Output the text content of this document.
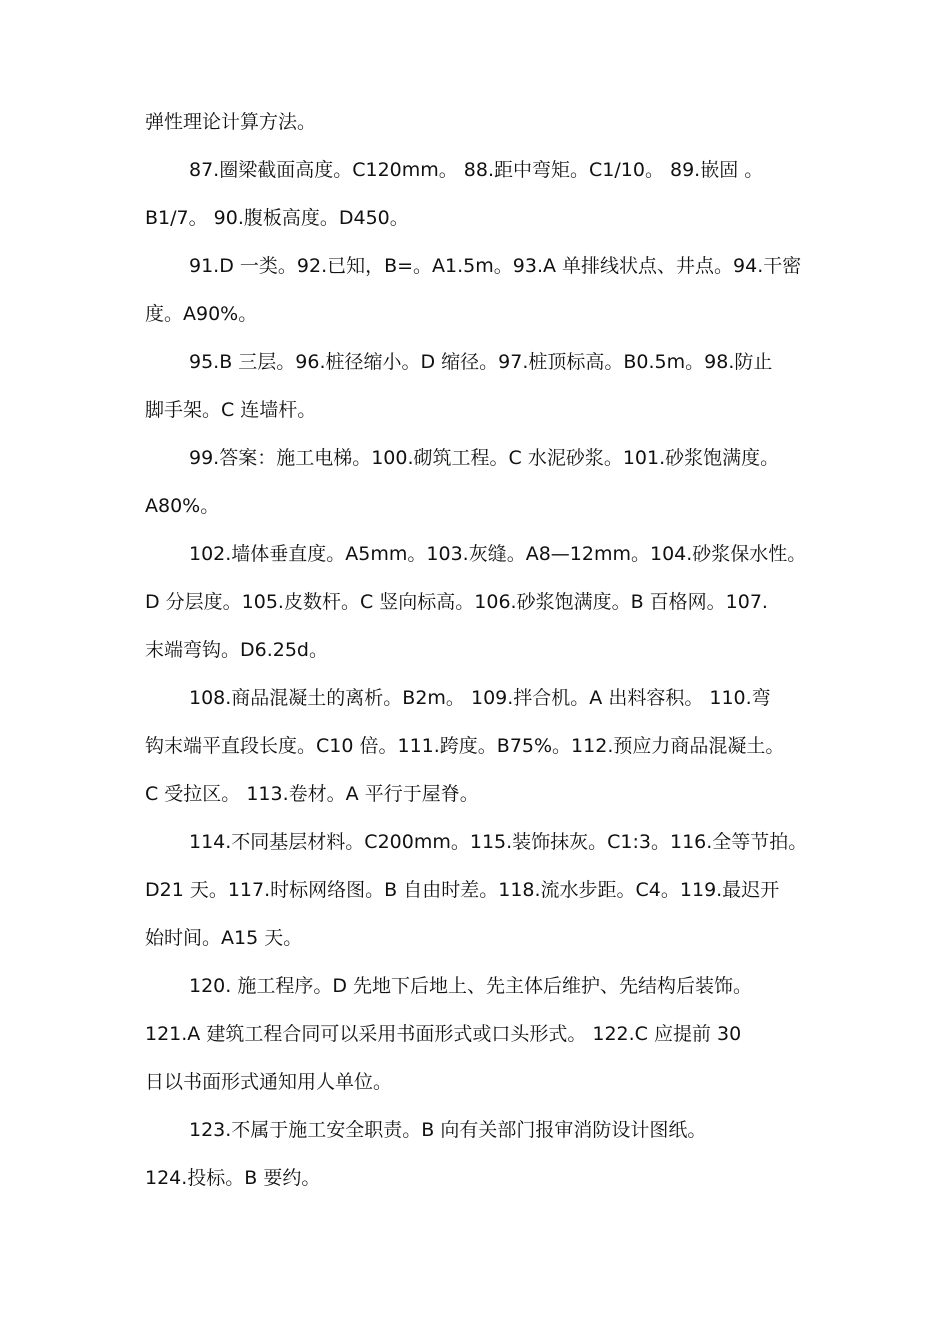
弹性理论计算方法。
87.圈梁截面高度。C120mm。 88.距中弯矩。C1/10。 89.嵌固 。
B1/7。 90.腹板高度。D450。
91.D 一类。92.已知，B=。A1.5m。93.A 单排线状点、井点。94.干密
度。A90%。
95.B 三层。96.桩径缩小。D 缩径。97.桩顶标高。B0.5m。98.防止
脚手架。C 连墙杆。
99.答案：施工电梯。100.砌筑工程。C 水泥砂浆。101.砂浆饱满度。
A80%。
102.墙体垂直度。A5mm。103.灰缝。A8—12mm。104.砂浆保水性。
D 分层度。105.皮数杆。C 竖向标高。106.砂浆饱满度。B 百格网。107.
末端弯钩。D6.25d。
108.商品混凝土的离析。B2m。 109.拌合机。A 出料容积。 110.弯
钩末端平直段长度。C10 倍。111.跨度。B75%。112.预应力商品混凝土。
C 受拉区。 113.卷材。A 平行于屋脊。
114.不同基层材料。C200mm。115.装饰抹灰。C1:3。116.全等节拍。
D21 天。117.时标网络图。B 自由时差。118.流水步距。C4。119.最迟开
始时间。A15 天。
120. 施工程序。D 先地下后地上、先主体后维护、先结构后装饰。
121.A 建筑工程合同可以采用书面形式或口头形式。 122.C 应提前 30
日以书面形式通知用人单位。
123.不属于施工安全职责。B 向有关部门报审消防设计图纸。
124.投标。B 要约。
